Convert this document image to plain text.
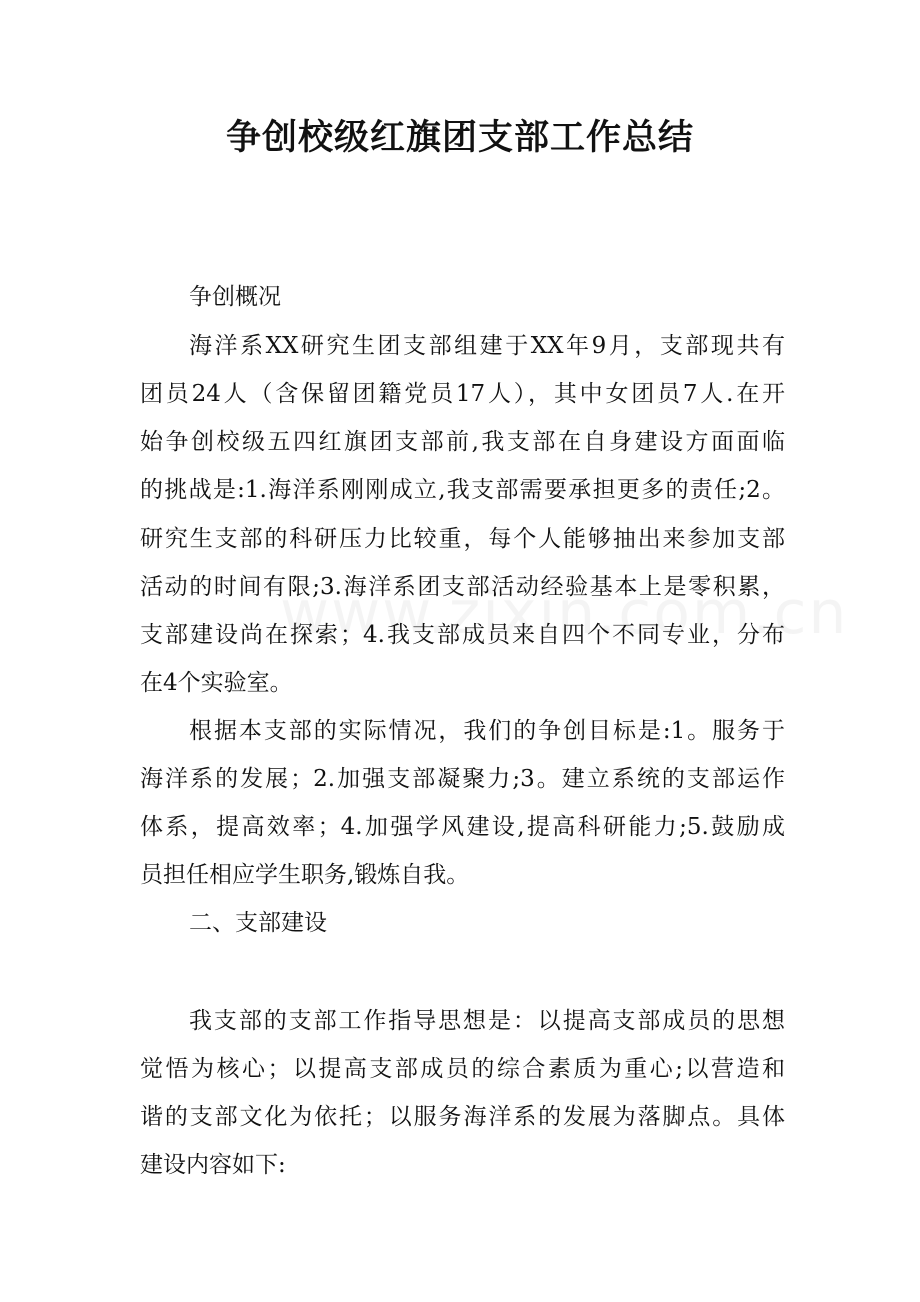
争创校级红旗团支部工作总结
争创概况
海洋系XX研究生团支部组建于XX年9月，支部现共有
团员24人（含保留团籍党员17人），其中女团员7人.在开
始争创校级五四红旗团支部前,我支部在自身建设方面面临
的挑战是:1.海洋系刚刚成立,我支部需要承担更多的责任;2。
研究生支部的科研压力比较重，每个人能够抽出来参加支部
活动的时间有限;3.海洋系团支部活动经验基本上是零积累，
支部建设尚在探索；4.我支部成员来自四个不同专业，分布
在4个实验室。
根据本支部的实际情况，我们的争创目标是:1。服务于
海洋系的发展；2.加强支部凝聚力;3。建立系统的支部运作
体系，提高效率；4.加强学风建设,提高科研能力;5.鼓励成
员担任相应学生职务,锻炼自我。
二、支部建设
我支部的支部工作指导思想是：以提高支部成员的思想
觉悟为核心；以提高支部成员的综合素质为重心;以营造和
谐的支部文化为依托；以服务海洋系的发展为落脚点。具体
建设内容如下:
